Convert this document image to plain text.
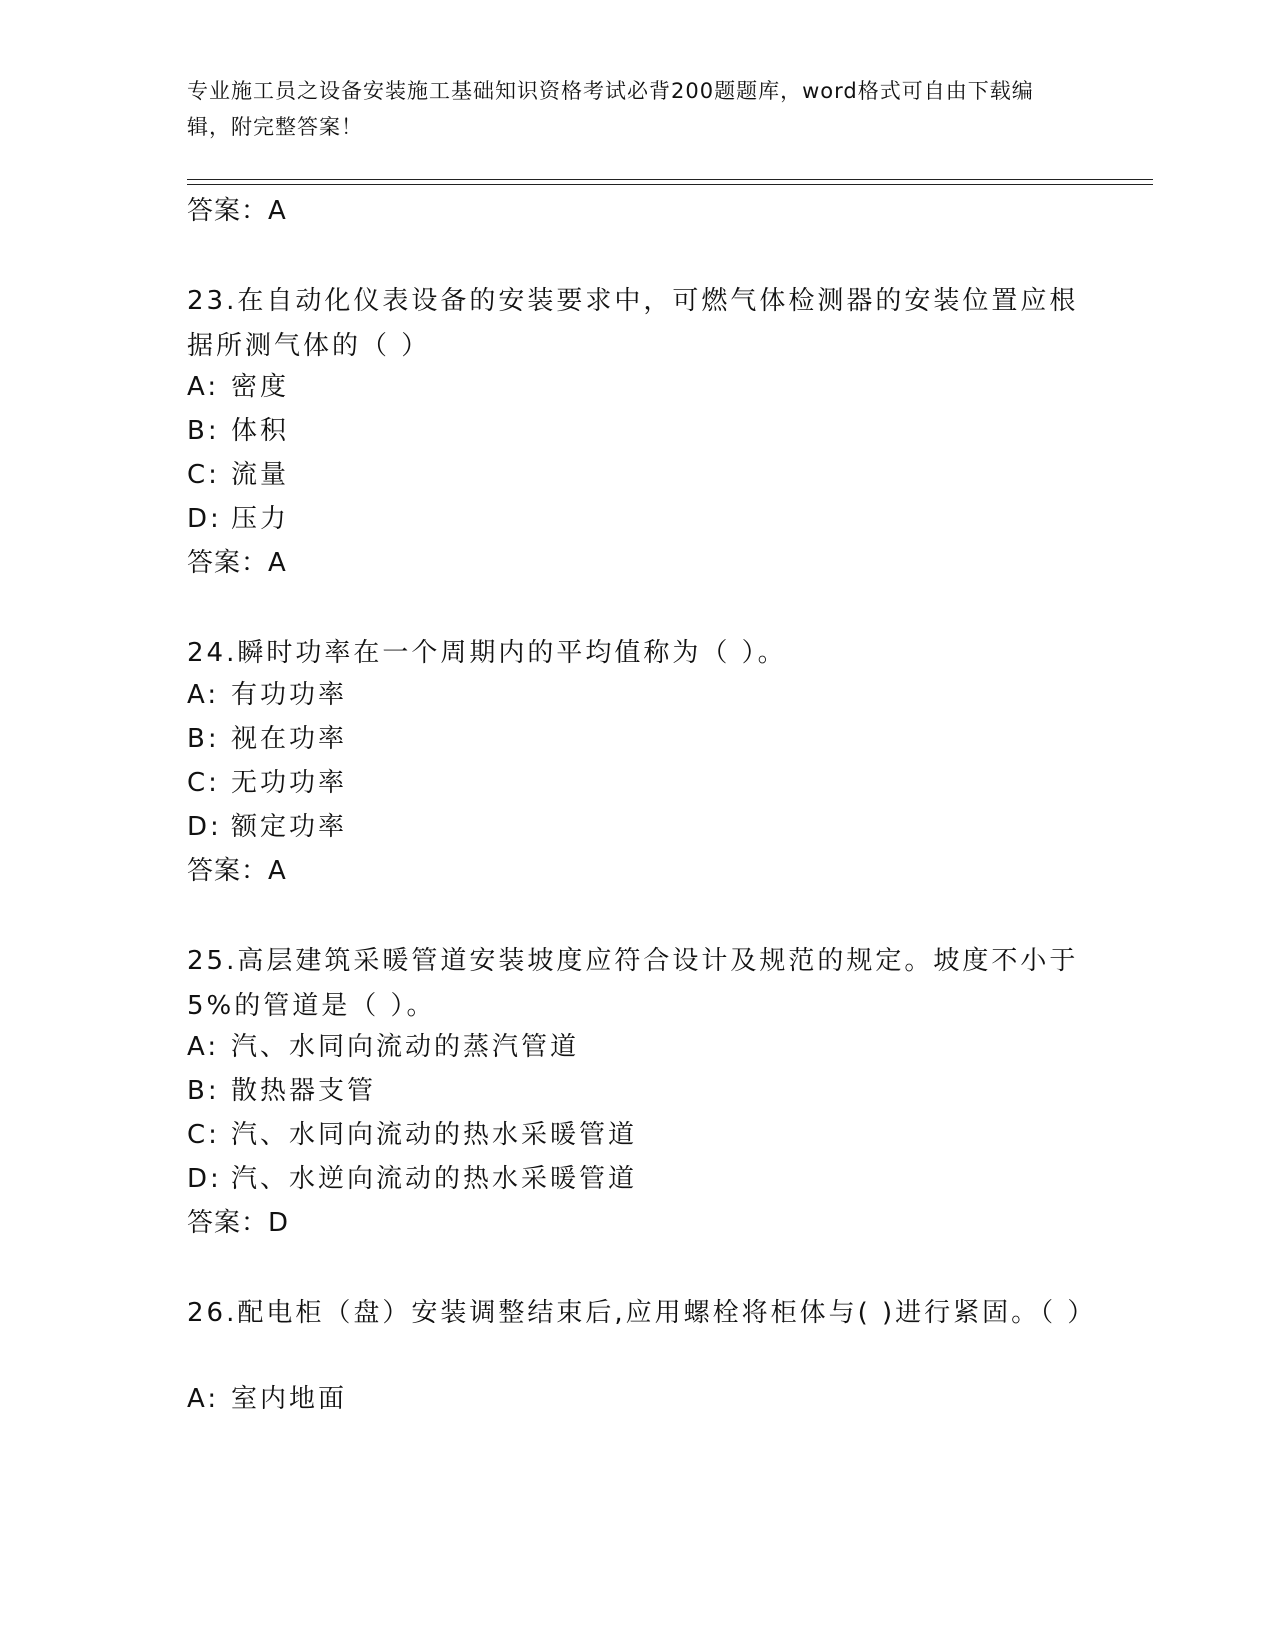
专业施工员之设备安装施工基础知识资格考试必背200题题库，word格式可自由下载编辑，附完整答案！
答案：A
23.在自动化仪表设备的安装要求中，可燃气体检测器的安装位置应根据所测气体的（ ）
A: 密度
B: 体积
C: 流量
D: 压力
答案：A
24.瞬时功率在一个周期内的平均值称为（ ）。
A: 有功功率
B: 视在功率
C: 无功功率
D: 额定功率
答案：A
25.高层建筑采暖管道安装坡度应符合设计及规范的规定。坡度不小于5%的管道是（ ）。
A: 汽、水同向流动的蒸汽管道
B: 散热器支管
C: 汽、水同向流动的热水采暖管道
D: 汽、水逆向流动的热水采暖管道
答案：D
26.配电柜（盘）安装调整结束后,应用螺栓将柜体与( )进行紧固。（ ）
A: 室内地面
